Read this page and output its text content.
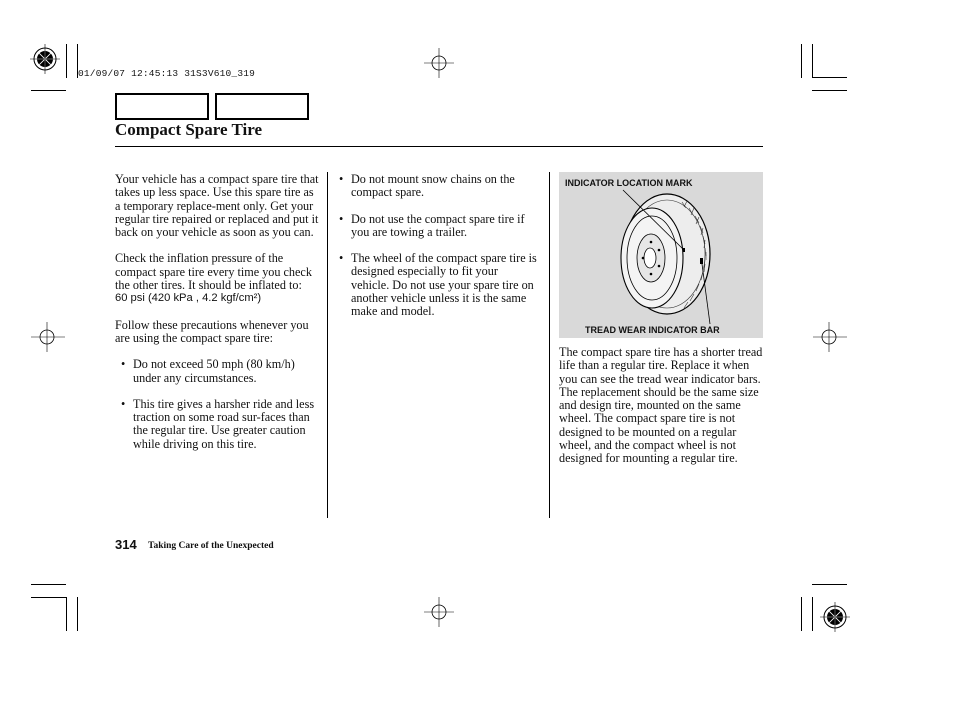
01/09/07 12:45:13 31S3V610_319
Compact Spare Tire

Your vehicle has a compact spare tire that takes up less space. Use this spare tire as a temporary replace-ment only. Get your regular tire repaired or replaced and put it back on your vehicle as soon as you can.

Check the inflation pressure of the compact spare tire every time you check the other tires. It should be inflated to:

60 psi (420 kPa , 4.2 kgf/cm²)

Follow these precautions whenever you are using the compact spare tire:

• Do not exceed 50 mph (80 km/h) under any circumstances.
• This tire gives a harsher ride and less traction on some road sur-faces than the regular tire. Use greater caution while driving on this tire.
• Do not mount snow chains on the compact spare.
• Do not use the compact spare tire if you are towing a trailer.
• The wheel of the compact spare tire is designed especially to fit your vehicle. Do not use your spare tire on another vehicle unless it is the same make and model.
INDICATOR LOCATION MARK
TREAD WEAR INDICATOR BAR

The compact spare tire has a shorter tread life than a regular tire. Replace it when you can see the tread wear indicator bars. The replacement should be the same size and design tire, mounted on the same wheel. The compact spare tire is not designed to be mounted on a regular wheel, and the compact wheel is not designed for mounting a regular tire.

314 Taking Care of the Unexpected
